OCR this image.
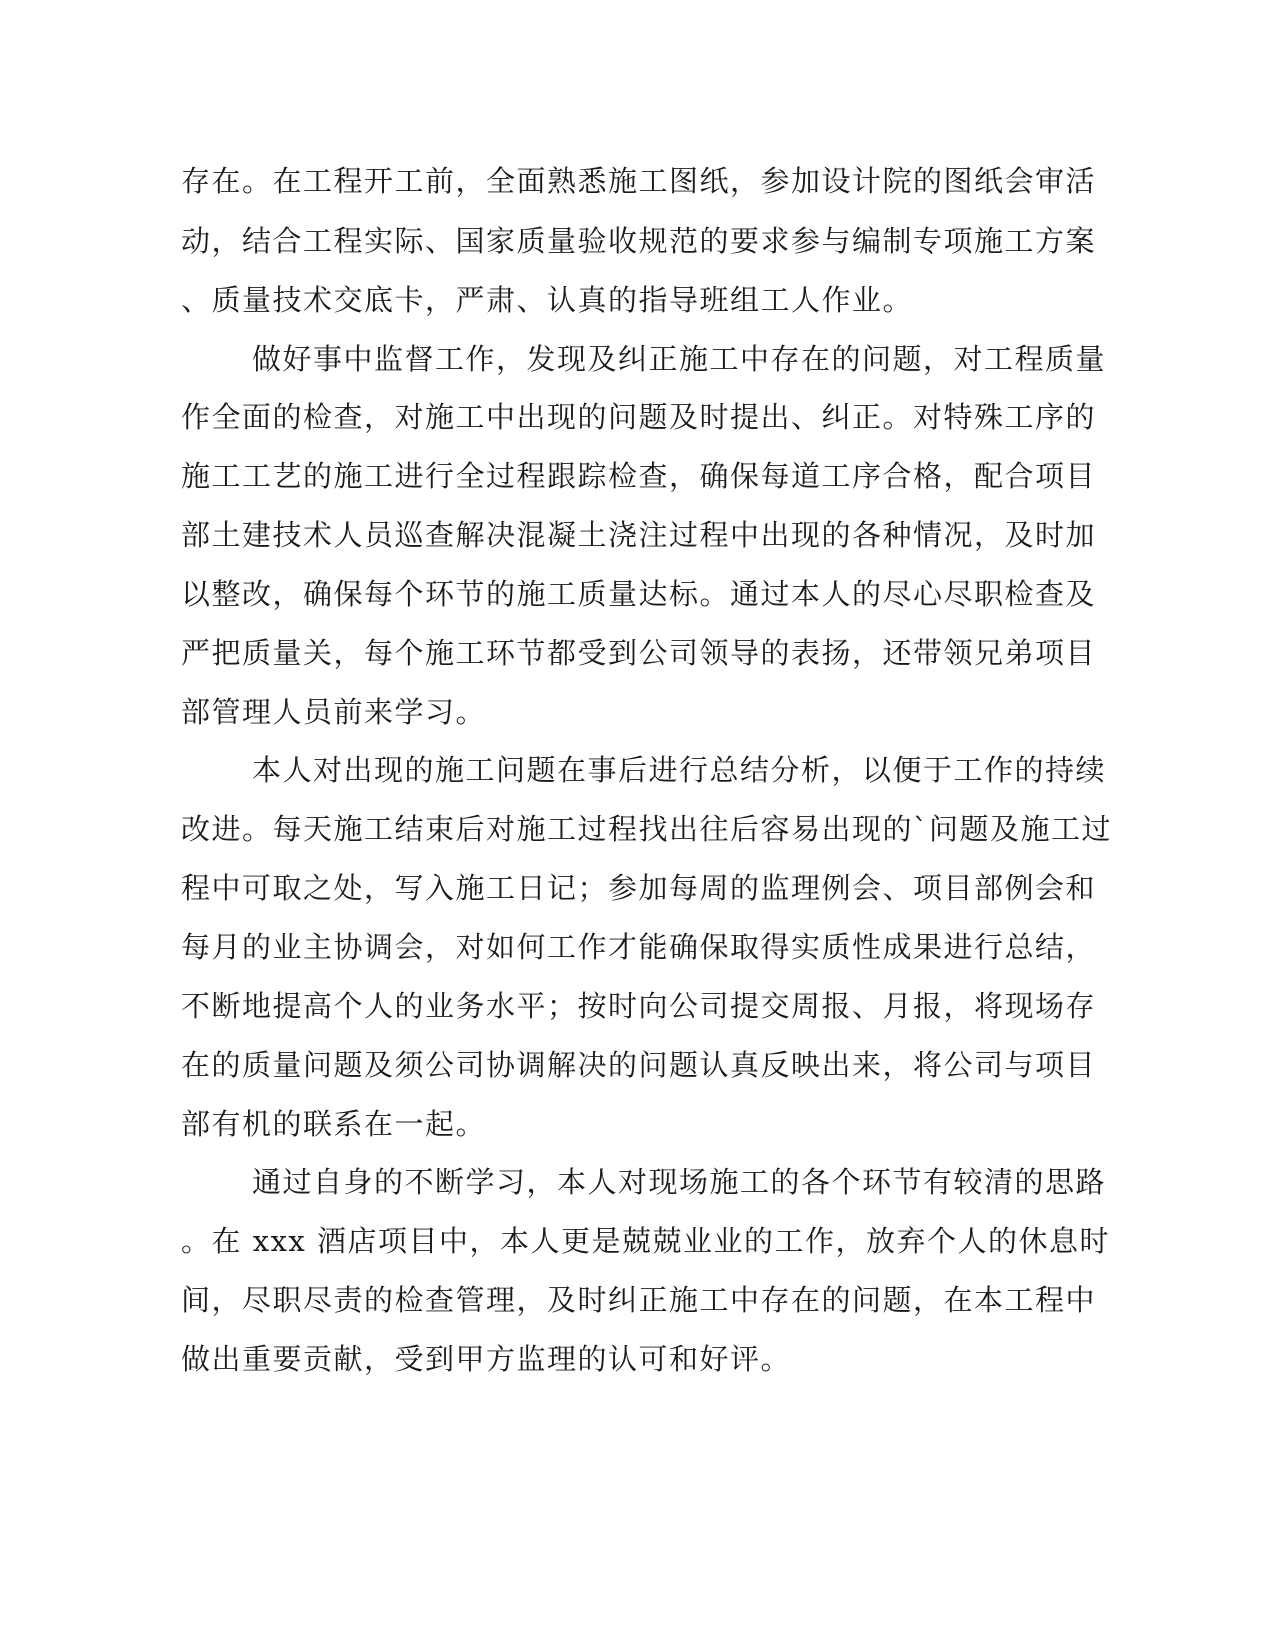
存在。在工程开工前，全面熟悉施工图纸，参加设计院的图纸会审活
动，结合工程实际、国家质量验收规范的要求参与编制专项施工方案
、质量技术交底卡，严肃、认真的指导班组工人作业。
做好事中监督工作，发现及纠正施工中存在的问题，对工程质量
作全面的检查，对施工中出现的问题及时提出、纠正。对特殊工序的
施工工艺的施工进行全过程跟踪检查，确保每道工序合格，配合项目
部土建技术人员巡查解决混凝土浇注过程中出现的各种情况，及时加
以整改，确保每个环节的施工质量达标。通过本人的尽心尽职检查及
严把质量关，每个施工环节都受到公司领导的表扬，还带领兄弟项目
部管理人员前来学习。
本人对出现的施工问题在事后进行总结分析，以便于工作的持续
改进。每天施工结束后对施工过程找出往后容易出现的`问题及施工过
程中可取之处，写入施工日记；参加每周的监理例会、项目部例会和
每月的业主协调会，对如何工作才能确保取得实质性成果进行总结，
不断地提高个人的业务水平；按时向公司提交周报、月报，将现场存
在的质量问题及须公司协调解决的问题认真反映出来，将公司与项目
部有机的联系在一起。
通过自身的不断学习，本人对现场施工的各个环节有较清的思路
。在 xxx 酒店项目中，本人更是兢兢业业的工作，放弃个人的休息时
间，尽职尽责的检查管理，及时纠正施工中存在的问题，在本工程中
做出重要贡献，受到甲方监理的认可和好评。
